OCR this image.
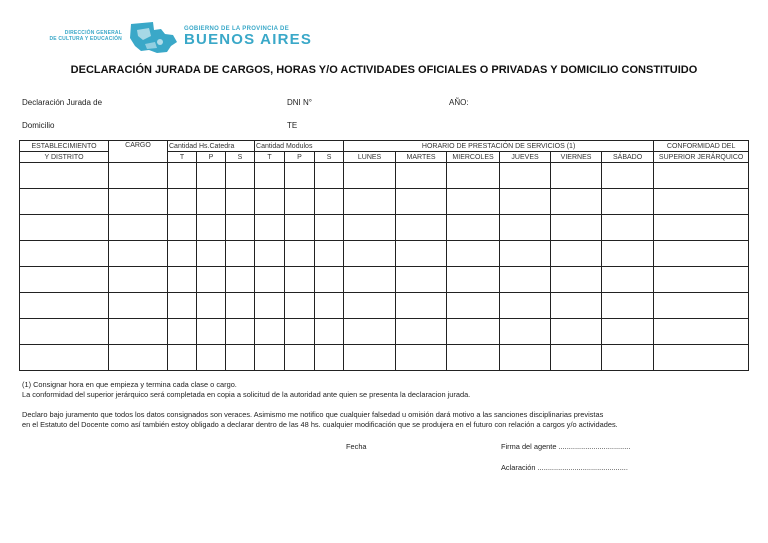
DIRECCIÓN GENERAL
DE CULTURA Y EDUCACIÓN
GOBIERNO DE LA PROVINCIA DE
BUENOS AIRES
DECLARACIÓN JURADA DE CARGOS, HORAS Y/O ACTIVIDADES OFICIALES O PRIVADAS Y DOMICILIO CONSTITUIDO
Declaración Jurada de	DNI N°	AÑO:
Domicilio	TE
ESTABLECIMIENTO	CARGO	Cantidad Hs.Catedra			Cantidad Modulos			HORARIO DE PRESTACIÓN DE SERVICIOS (1)						CONFORMIDAD DEL
Y DISTRITO		T	P	S	T	P	S	LUNES	MARTES	MIERCOLES	JUEVES	VIERNES	SÁBADO	SUPERIOR JERÁRQUICO

(1) Consignar hora en que empieza y termina cada clase o cargo.
La conformidad del superior jerárquico será completada en copia a solicitud de la autoridad ante quien se presenta la declaracion jurada.
Declaro bajo juramento que todos los datos consignados son veraces. Asimismo me notifico que cualquier falsedad u omisión dará motivo a las sanciones disciplinarias previstas
en el Estatuto del Docente como así también estoy obligado a declarar dentro de las 48 hs. cualquier modificación que se produjera en el futuro con relación a cargos y/o actividades.
Fecha	Firma del agente ...................................
Aclaración ............................................
